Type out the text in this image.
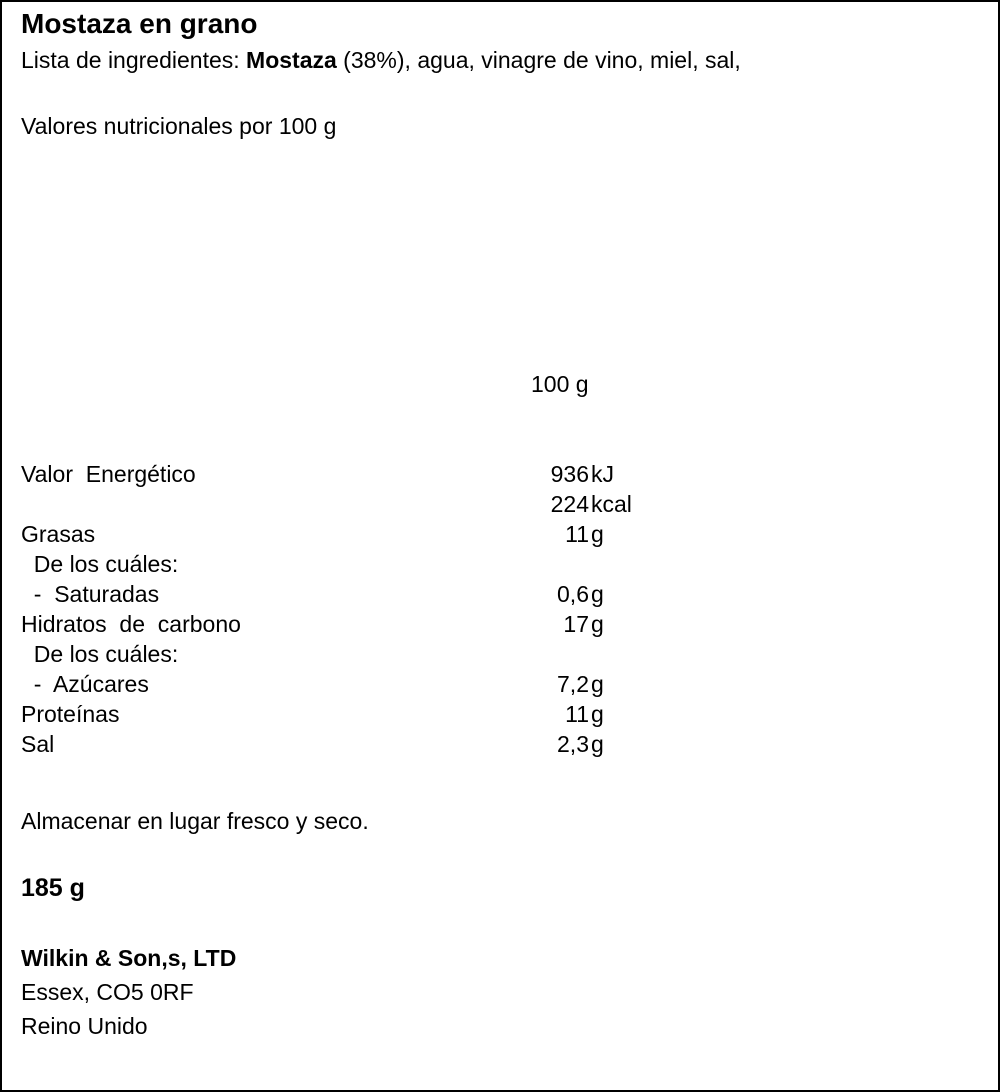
Mostaza en grano
Lista de ingredientes: Mostaza (38%), agua, vinagre de vino, miel, sal,
Valores nutricionales por 100 g

100 g

Valor  Energético	936 kJ
224 kcal
Grasas	11 g
De los cuáles:
-  Saturadas	0,6 g
Hidratos  de  carbono	17 g
De los cuáles:
-  Azúcares	7,2 g
Proteínas	11 g
Sal	2,3 g

Almacenar en lugar fresco y seco.
185 g
Wilkin & Son,s, LTD
Essex, CO5 0RF
Reino Unido
